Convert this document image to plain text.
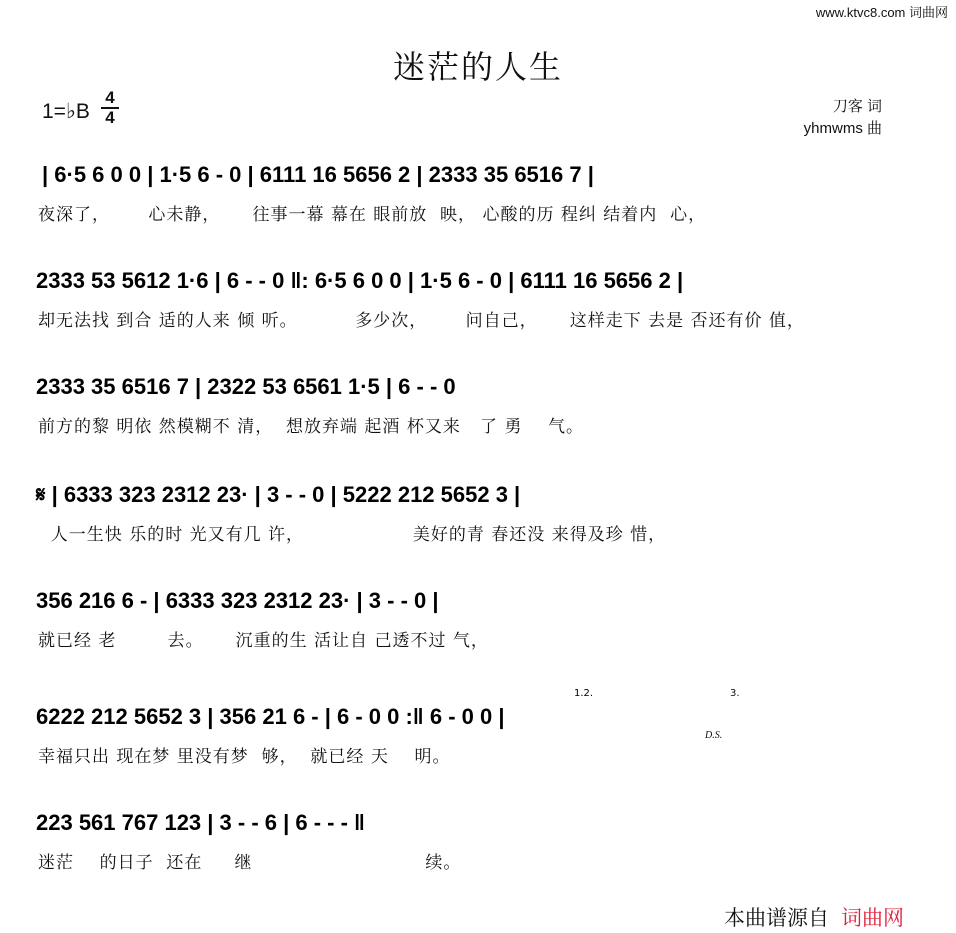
www.ktvc8.com 词曲网
迷茫的人生
1=♭B
4
4
刀客 词
yhmwms 曲
| 6·5 6 0 0 | 1·5 6 - 0 | 6111 16 5656 2 | 2333 35 6516 7 |
夜深了，      心未静，     往事一幕 幕在 眼前放  映， 心酸的历 程纠 结着内  心，
2333 53 5612 1·6 | 6 - - 0 ‖: 6·5 6 0 0 | 1·5 6 - 0 | 6111 16 5656 2 |
却无法找 到合 适的人来 倾 听。         多少次，      问自己，     这样走下 去是 否还有价 值，
2333 35 6516 7 | 2322 53 6561 1·5 | 6 - - 0
前方的黎 明依 然模糊不 清，  想放弃端 起酒 杯又来   了 勇    气。
𝄋 | 6333 323 2312 23· | 3 - - 0 | 5222 212 5652 3 |
人一生快 乐的时 光又有几 许，                 美好的青 春还没 来得及珍 惜，
356 216 6 - | 6333 323 2312 23· | 3 - - 0 |
就已经 老        去。     沉重的生 活让自 己透不过 气，
6222 212 5652 3 | 356 21 6 - | 6 - 0 0 :‖ 6 - 0 0 |
1.2.
幸福只出 现在梦 里没有梦  够，  就已经 天    明。
223 561 767 123 | 3 - - 6 | 6 - - - ‖
迷茫    的日子  还在     继                           续。
D.S.
3.
本曲谱源自 词曲网
